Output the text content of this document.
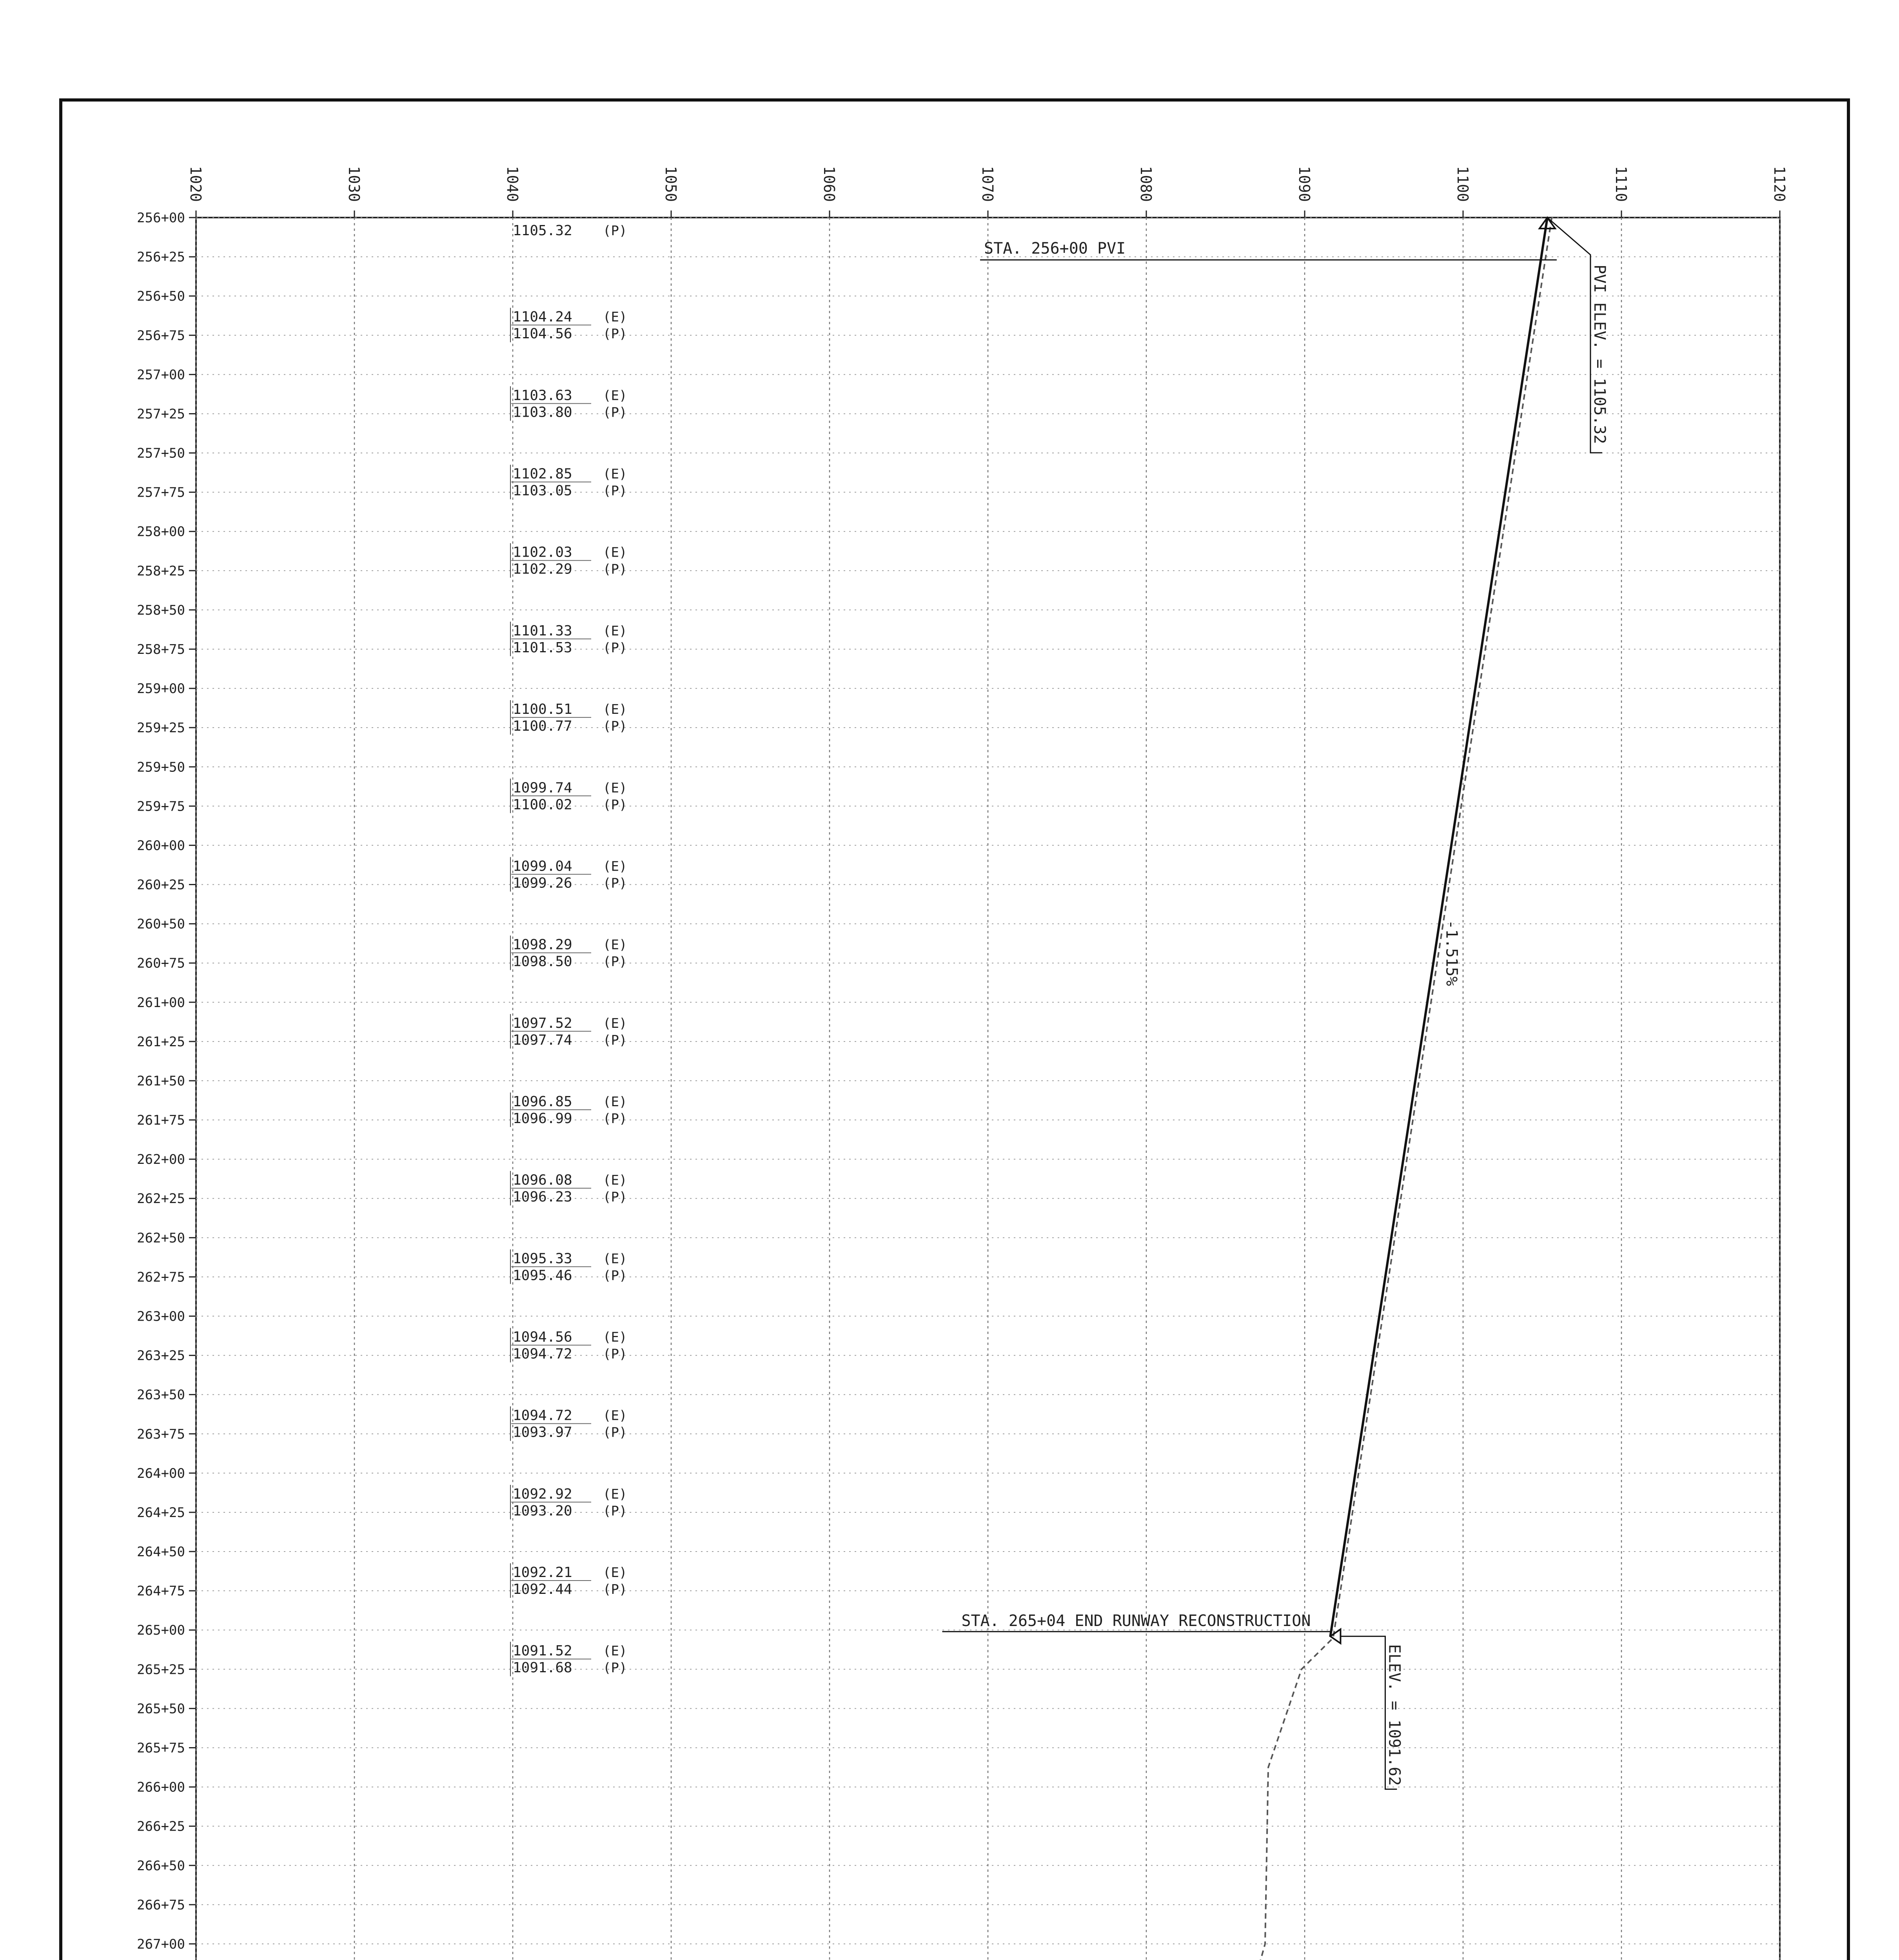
256+00
256+25
256+50
256+75
257+00
257+25
257+50
257+75
258+00
258+25
258+50
258+75
259+00
259+25
259+50
259+75
260+00
260+25
260+50
260+75
261+00
261+25
261+50
261+75
262+00
262+25
262+50
262+75
263+00
263+25
263+50
263+75
264+00
264+25
264+50
264+75
265+00
265+25
265+50
265+75
266+00
266+25
266+50
266+75
267+00
1020	1030	1040	1050	1060	1070	1080	1090	1100	1110	1120
1105.32 (P)
1104.24 (E)
1104.56 (P)
1103.63 (E)
1103.80 (P)
1102.85 (E)
1103.05 (P)
1102.03 (E)
1102.29 (P)
1101.33 (E)
1101.53 (P)
1100.51 (E)
1100.77 (P)
1099.74 (E)
1100.02 (P)
1099.04 (E)
1099.26 (P)
1098.29 (E)
1098.50 (P)
1097.52 (E)
1097.74 (P)
1096.85 (E)
1096.99 (P)
1096.08 (E)
1096.23 (P)
1095.33 (E)
1095.46 (P)
1094.56 (E)
1094.72 (P)
1094.72 (E)
1093.97 (P)
1092.92 (E)
1093.20 (P)
1092.21 (E)
1092.44 (P)
1091.52 (E)
1091.68 (P)
STA. 256+00 PVI
PVI ELEV. = 1105.32
-1.515%
STA. 265+04 END RUNWAY RECONSTRUCTION
ELEV. = 1091.62
